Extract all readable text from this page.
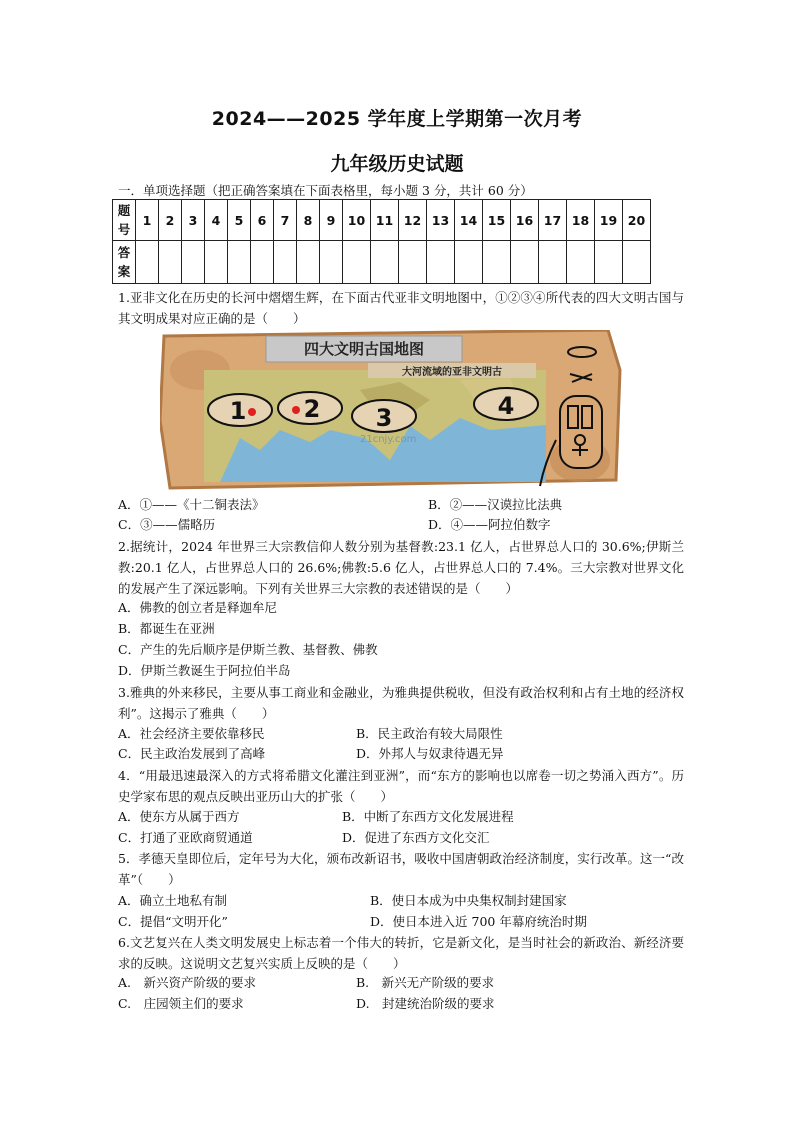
2024——2025 学年度上学期第一次月考
九年级历史试题
一．单项选择题（把正确答案填在下面表格里，每小题 3 分，共计 60 分）
题
号	1	2	3	4	5	6	7	8	9	10	11	12	13	14	15	16	17	18	19	20

答
案																				

1.亚非文化在历史的长河中熠熠生辉，在下面古代亚非文明地图中，①②③④所代表的四大文明古国与其文明成果对应正确的是（　　）
四大文明古国地图
大河流域的亚非文明古
1 2 3	4
21cnjy.com
A．①——《十二铜表法》	B．②——汉谟拉比法典
C．③——儒略历	D．④——阿拉伯数字
2.据统计，2024 年世界三大宗教信仰人数分别为基督教:23.1 亿人，占世界总人口的 30.6%;伊斯兰教:20.1 亿人，占世界总人口的 26.6%;佛教:5.6 亿人，占世界总人口的 7.4%。三大宗教对世界文化的发展产生了深远影响。下列有关世界三大宗教的表述错误的是（　　）
A．佛教的创立者是释迦牟尼
B．都诞生在亚洲
C．产生的先后顺序是伊斯兰教、基督教、佛教
D．伊斯兰教诞生于阿拉伯半岛
3.雅典的外来移民，主要从事工商业和金融业，为雅典提供税收，但没有政治权利和占有土地的经济权利”。这揭示了雅典（　　）
A．社会经济主要依靠移民	B．民主政治有较大局限性
C．民主政治发展到了高峰	D．外邦人与奴隶待遇无异
4．“用最迅速最深入的方式将希腊文化灌注到亚洲”，而“东方的影响也以席卷一切之势涌入西方”。历史学家布思的观点反映出亚历山大的扩张（　　）
A．使东方从属于西方	B．中断了东西方文化发展进程
C．打通了亚欧商贸通道	D．促进了东西方文化交汇
5．孝德天皇即位后，定年号为大化，颁布改新诏书，吸收中国唐朝政治经济制度，实行改革。这一“改革”（　　）
A．确立土地私有制	B．使日本成为中央集权制封建国家
C．提倡“文明开化”	D．使日本进入近 700 年幕府统治时期
6.文艺复兴在人类文明发展史上标志着一个伟大的转折，它是新文化，是当时社会的新政治、新经济要求的反映。这说明文艺复兴实质上反映的是（　　）
A.　新兴资产阶级的要求	B.　新兴无产阶级的要求
C.　庄园领主们的要求	D.　封建统治阶级的要求
